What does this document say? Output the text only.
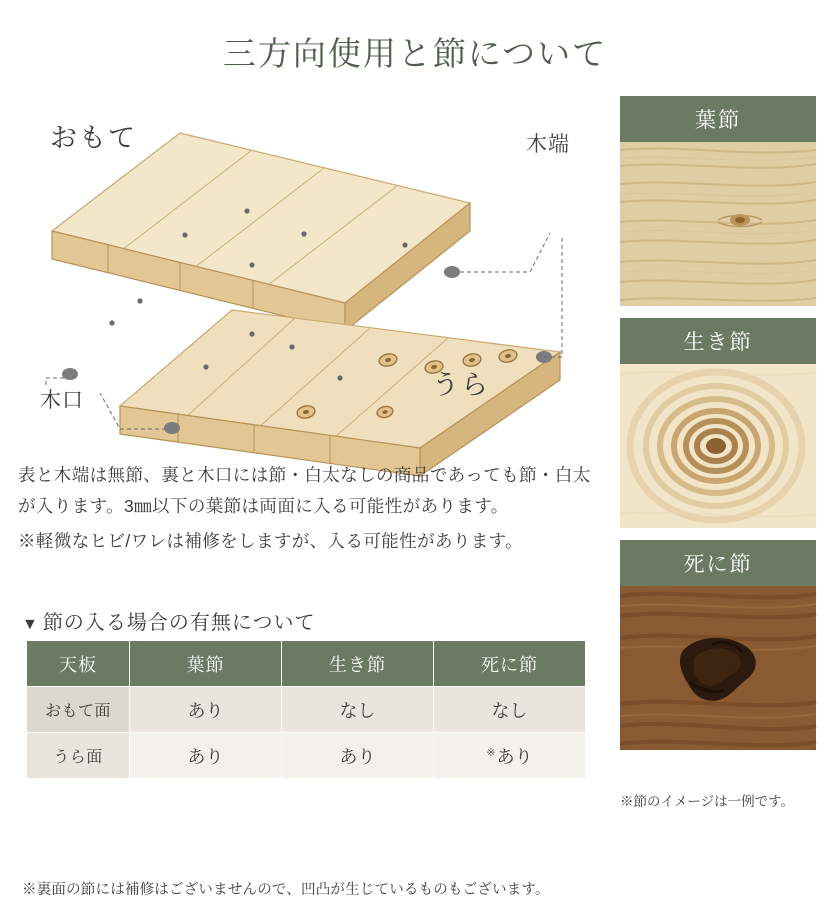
三方向使用と節について
おもて
うら
木端
木口
表と木端は無節、裏と木口には節・白太なしの商品であっても節・白太が入ります。3㎜以下の葉節は両面に入る可能性があります。
※軽微なヒビ/ワレは補修をしますが、入る可能性があります。
▼ 節の入る場合の有無について
天板	葉節	生き節	死に節
おもて面	あり	なし	なし
うら面	あり	あり	※あり
※裏面の節には補修はございませんので、凹凸が生じているものもございます。
葉節
生き節
死に節
※節のイメージは一例です。
